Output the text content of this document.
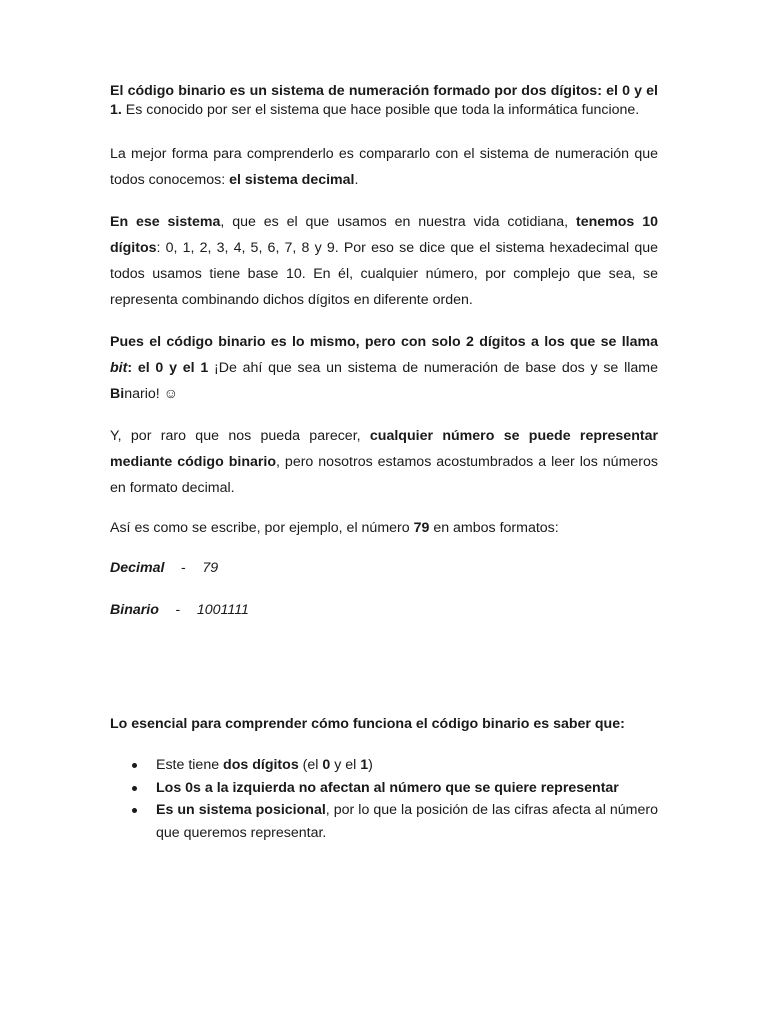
El código binario es un sistema de numeración formado por dos dígitos: el 0 y el 1. Es conocido por ser el sistema que hace posible que toda la informática funcione.

La mejor forma para comprenderlo es compararlo con el sistema de numeración que todos conocemos: el sistema decimal.

En ese sistema, que es el que usamos en nuestra vida cotidiana, tenemos 10 dígitos: 0, 1, 2, 3, 4, 5, 6, 7, 8 y 9. Por eso se dice que el sistema hexadecimal que todos usamos tiene base 10. En él, cualquier número, por complejo que sea, se representa combinando dichos dígitos en diferente orden.

Pues el código binario es lo mismo, pero con solo 2 dígitos a los que se llama bit: el 0 y el 1 ¡De ahí que sea un sistema de numeración de base dos y se llame Binario! ☺

Y, por raro que nos pueda parecer, cualquier número se puede representar mediante código binario, pero nosotros estamos acostumbrados a leer los números en formato decimal.

Así es como se escribe, por ejemplo, el número 79 en ambos formatos:

Decimal - 79

Binario - 1001111

Lo esencial para comprender cómo funciona el código binario es saber que:

Este tiene dos dígitos (el 0 y el 1)
Los 0s a la izquierda no afectan al número que se quiere representar
Es un sistema posicional, por lo que la posición de las cifras afecta al número que queremos representar.
